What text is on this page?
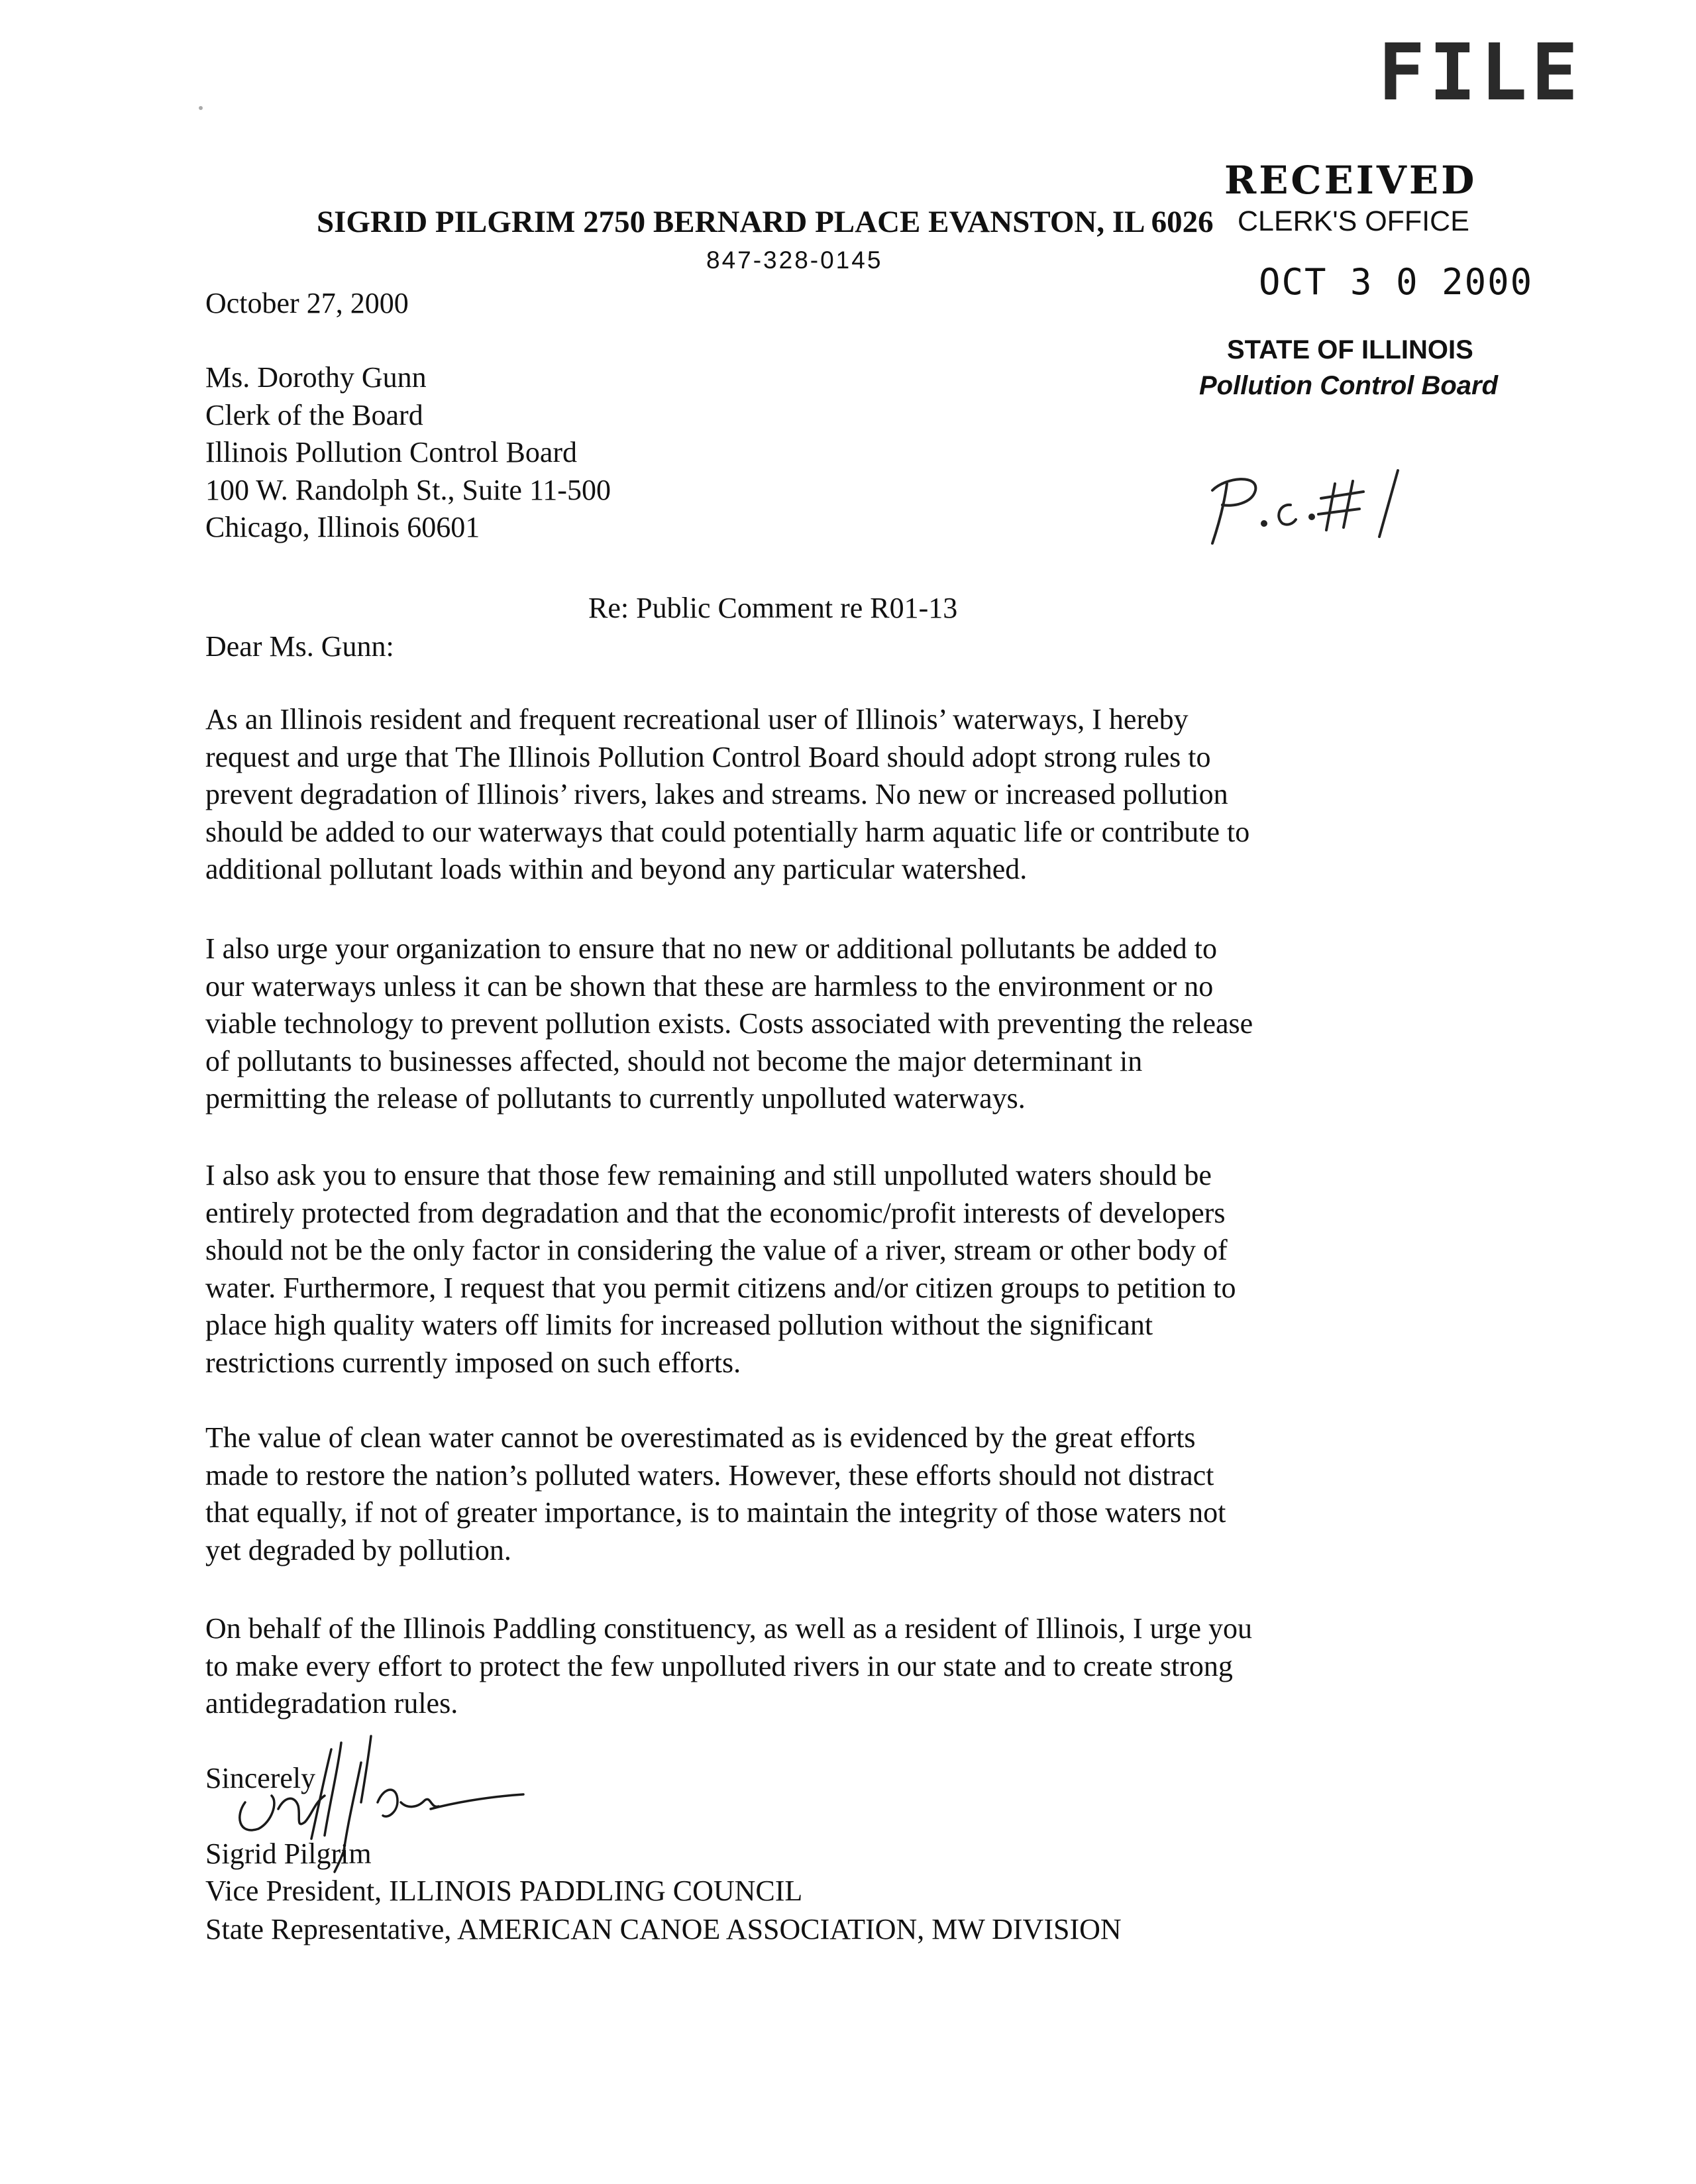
FILE
RECEIVED
SIGRID PILGRIM 2750 BERNARD PLACE EVANSTON, IL 6026 CLERK'S OFFICE
847-328-0145
OCT 3 0 2000
STATE OF ILLINOIS
Pollution Control Board
October 27, 2000
Ms. Dorothy Gunn
Clerk of the Board
Illinois Pollution Control Board
100 W. Randolph St., Suite 11-500
Chicago, Illinois 60601
Re: Public Comment re R01-13
Dear Ms. Gunn:
As an Illinois resident and frequent recreational user of Illinois’ waterways, I hereby
request and urge that The Illinois Pollution Control Board should adopt strong rules to
prevent degradation of Illinois’ rivers, lakes and streams. No new or increased pollution
should be added to our waterways that could potentially harm aquatic life or contribute to
additional pollutant loads within and beyond any particular watershed.
I also urge your organization to ensure that no new or additional pollutants be added to
our waterways unless it can be shown that these are harmless to the environment or no
viable technology to prevent pollution exists. Costs associated with preventing the release
of pollutants to businesses affected, should not become the major determinant in
permitting the release of pollutants to currently unpolluted waterways.
I also ask you to ensure that those few remaining and still unpolluted waters should be
entirely protected from degradation and that the economic/profit interests of developers
should not be the only factor in considering the value of a river, stream or other body of
water. Furthermore, I request that you permit citizens and/or citizen groups to petition to
place high quality waters off limits for increased pollution without the significant
restrictions currently imposed on such efforts.
The value of clean water cannot be overestimated as is evidenced by the great efforts
made to restore the nation’s polluted waters. However, these efforts should not distract
that equally, if not of greater importance, is to maintain the integrity of those waters not
yet degraded by pollution.
On behalf of the Illinois Paddling constituency, as well as a resident of Illinois, I urge you
to make every effort to protect the few unpolluted rivers in our state and to create strong
antidegradation rules.
Sincerely
Sigrid Pilgrim
Vice President, ILLINOIS PADDLING COUNCIL
State Representative, AMERICAN CANOE ASSOCIATION, MW DIVISION
